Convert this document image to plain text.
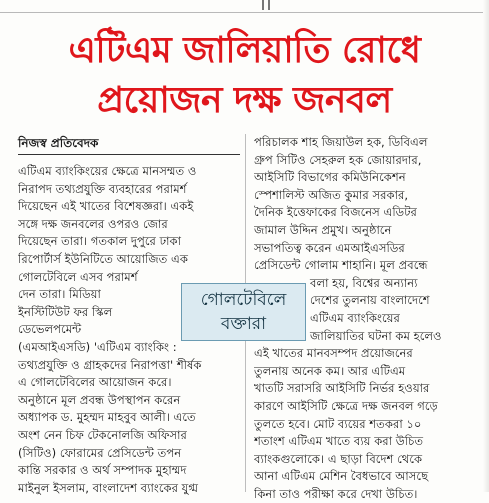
এটিএম জালিয়াতি রোধে
প্রয়োজন দক্ষ জনবল
নিজস্ব প্রতিবেদক
এটিএম ব্যাংকিংয়ের ক্ষেত্রে মানসম্মত ও
নিরাপদ তথ্যপ্রযুক্তি ব্যবহারের পরামর্শ
দিয়েছেন এই খাতের বিশেষজ্ঞরা। একই
সঙ্গে দক্ষ জনবলের ওপরও জোর
দিয়েছেন তারা। গতকাল দুপুরে ঢাকা
রিপোর্টার্স ইউনিটিতে আয়োজিত এক
গোলটেবিলে এসব পরামর্শ
দেন তারা। মিডিয়া
ইনস্টিটিউট ফর স্কিল
ডেভেলপমেন্ট
(এমআইএসডি) 'এটিএম ব্যাংকিং :
তথ্যপ্রযুক্তি ও গ্রাহকদের নিরাপত্তা' শীর্ষক
এ গোলটেবিলের আয়োজন করে।
অনুষ্ঠানে মূল প্রবন্ধ উপস্থাপন করেন
অধ্যাপক ড. মুহম্মদ মাহবুব আলী। এতে
অংশ নেন চিফ টেকনোলজি অফিসার
(সিটিও) ফোরামের প্রেসিডেন্ট তপন
কান্তি সরকার ও অর্থ সম্পাদক মুহাম্মদ
মাইনুল ইসলাম, বাংলাদেশ ব্যাংকের যুগ্ম
পরিচালক শাহ জিয়াউল হক, ডিবিএল
গ্রুপ সিটিও সেহরুল হক জোয়ারদার,
আইসিটি বিভাগের কমিউনিকেশন
স্পেশালিস্ট অজিত কুমার সরকার,
দৈনিক ইত্তেফাকের বিজনেস এডিটর
জামাল উদ্দিন প্রমুখ। অনুষ্ঠানে
সভাপতিত্ব করেন এমআইএসডির
প্রেসিডেন্ট গোলাম শাহানি। মূল প্রবন্ধে
বলা হয়, বিশ্বের অন্যান্য
দেশের তুলনায় বাংলাদেশে
এটিএম ব্যাংকিংয়ের
জালিয়াতির ঘটনা কম হলেও
এই খাতের মানবসম্পদ প্রয়োজনের
তুলনায় অনেক কম। আর এটিএম
খাতটি সরাসরি আইসিটি নির্ভর হওয়ার
কারণে আইসিটি ক্ষেত্রে দক্ষ জনবল গড়ে
তুলতে হবে। মোট ব্যয়ের শতকরা ১০
শতাংশ এটিএম খাতে ব্যয় করা উচিত
ব্যাংকগুলোকে। এ ছাড়া বিদেশ থেকে
আনা এটিএম মেশিন বৈধভাবে আসছে
কিনা তাও পরীক্ষা করে দেখা উচিত।
গোলটেবিলে
বক্তারা
